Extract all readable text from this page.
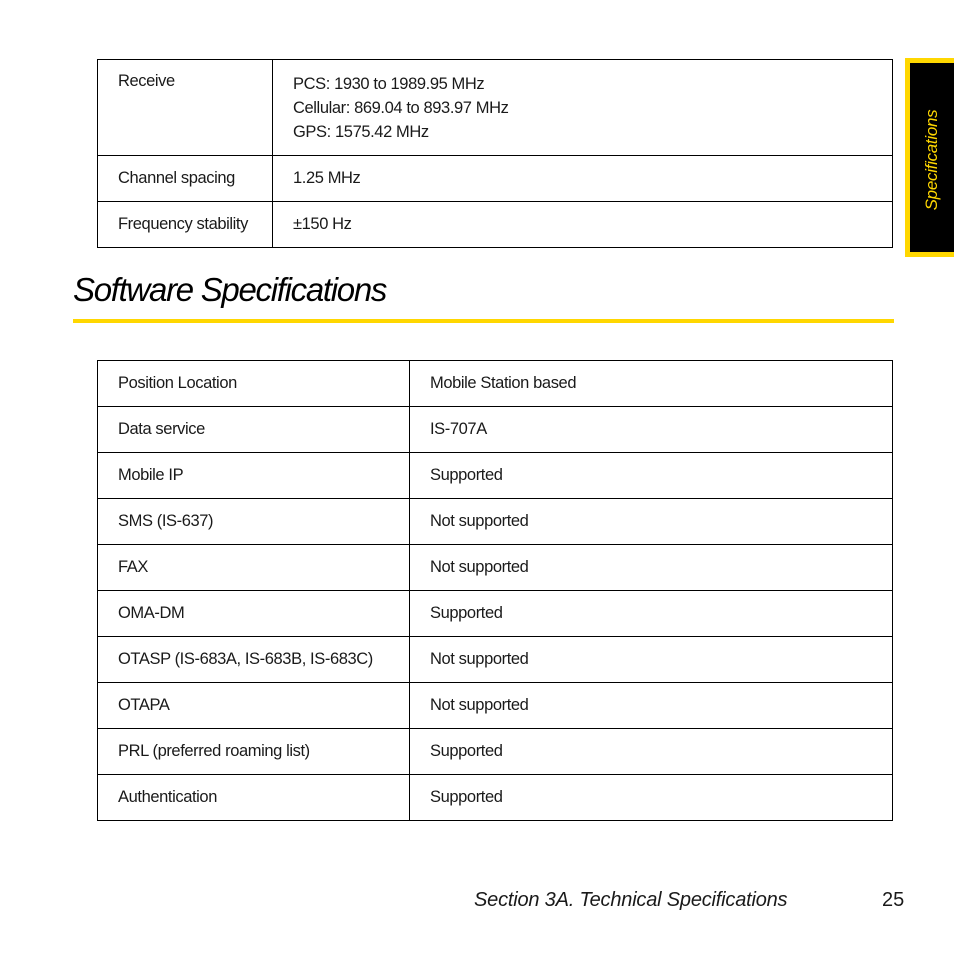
Specifications
Receive	PCS: 1930 to 1989.95 MHz
Cellular: 869.04 to 893.97 MHz
GPS: 1575.42 MHz

Channel spacing	1.25 MHz
Frequency stability	±150 Hz
Software Specifications
Position Location	Mobile Station based
Data service	IS-707A
Mobile IP	Supported
SMS (IS-637)	Not supported
FAX	Not supported
OMA-DM	Supported
OTASP (IS-683A, IS-683B, IS-683C)	Not supported
OTAPA	Not supported
PRL (preferred roaming list)	Supported
Authentication	Supported
Section 3A. Technical Specifications	25
